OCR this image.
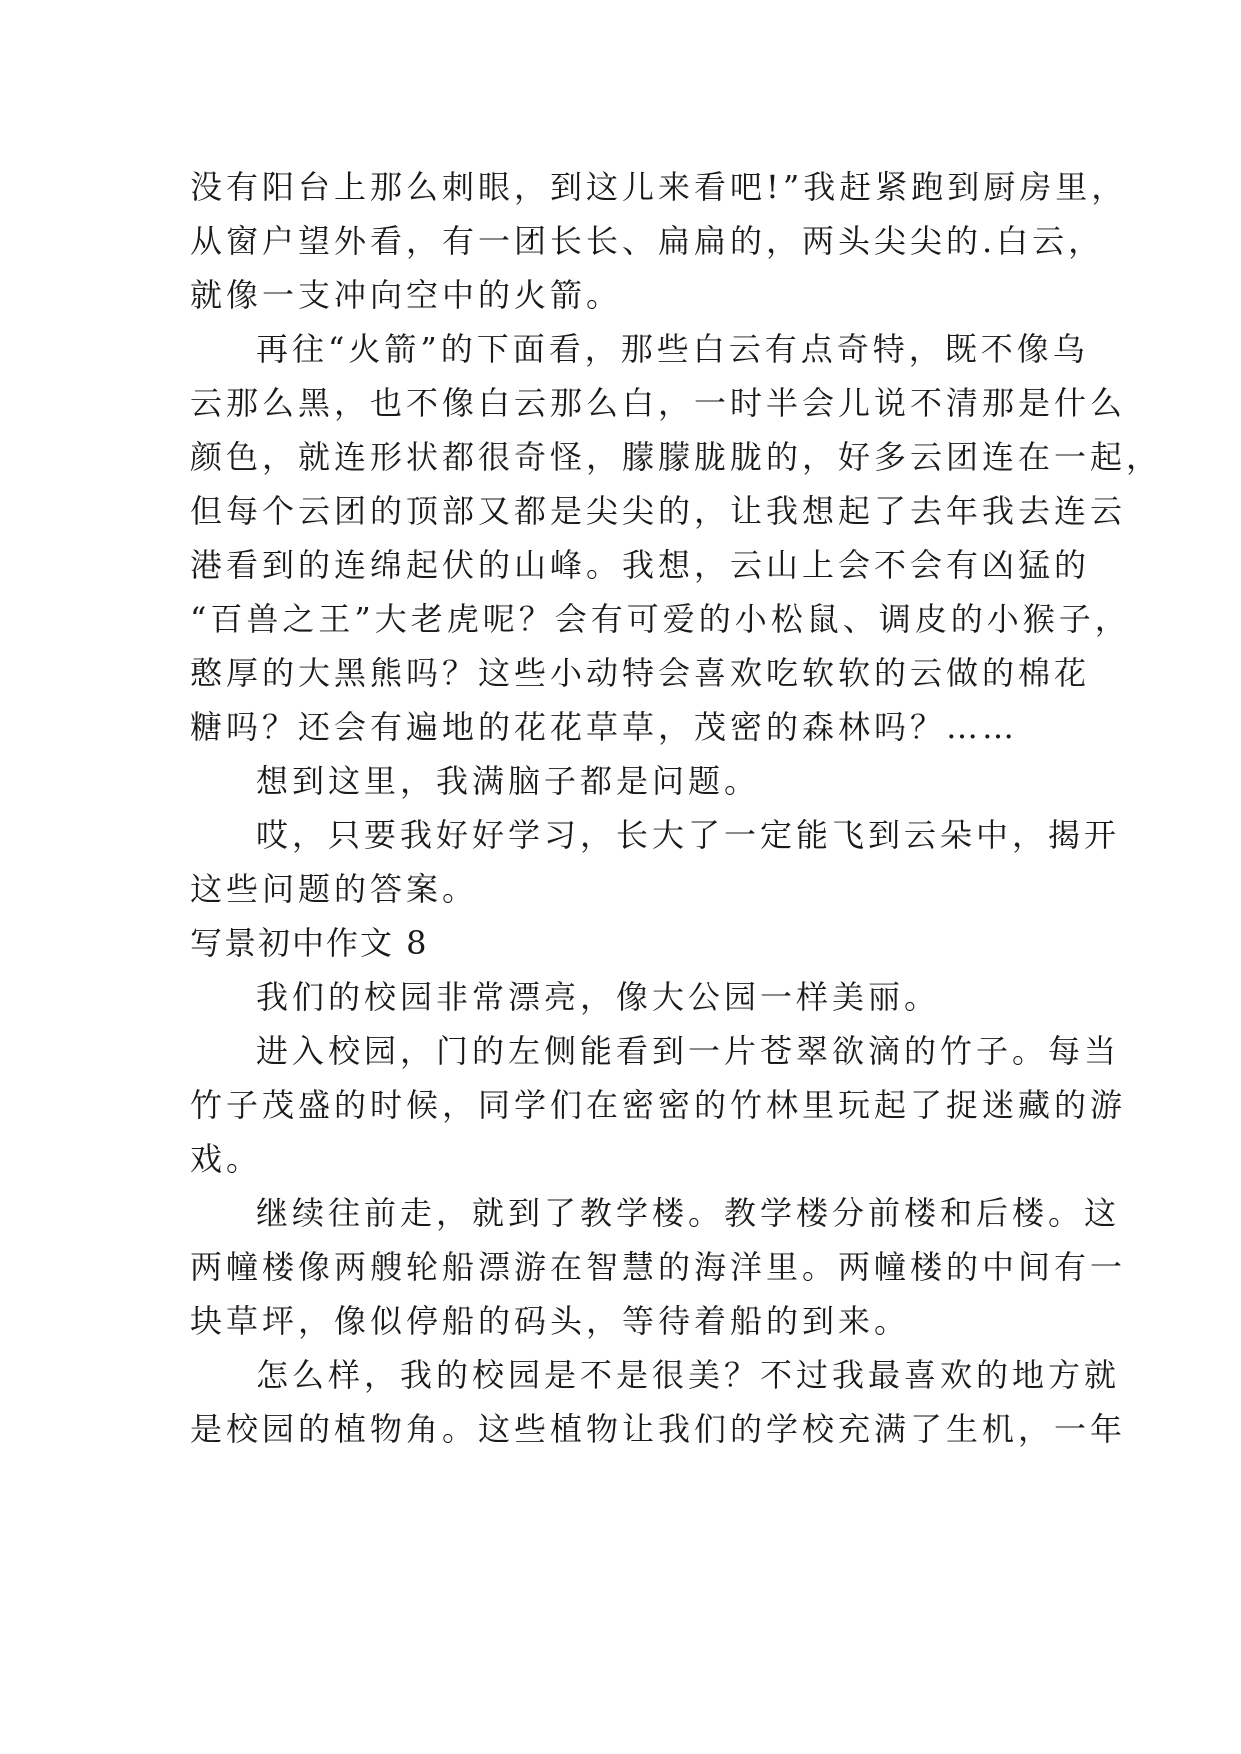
没有阳台上那么刺眼，到这儿来看吧!”我赶紧跑到厨房里，
从窗户望外看，有一团长长、扁扁的，两头尖尖的.白云，
就像一支冲向空中的火箭。
再往“火箭”的下面看，那些白云有点奇特，既不像乌
云那么黑，也不像白云那么白，一时半会儿说不清那是什么
颜色，就连形状都很奇怪，朦朦胧胧的，好多云团连在一起，
但每个云团的顶部又都是尖尖的，让我想起了去年我去连云
港看到的连绵起伏的山峰。我想，云山上会不会有凶猛的
“百兽之王”大老虎呢？会有可爱的小松鼠、调皮的小猴子，
憨厚的大黑熊吗？这些小动特会喜欢吃软软的云做的棉花
糖吗？还会有遍地的花花草草，茂密的森林吗？……
想到这里，我满脑子都是问题。
哎，只要我好好学习，长大了一定能飞到云朵中，揭开
这些问题的答案。
写景初中作文 8
我们的校园非常漂亮，像大公园一样美丽。
进入校园，门的左侧能看到一片苍翠欲滴的竹子。每当
竹子茂盛的时候，同学们在密密的竹林里玩起了捉迷藏的游
戏。
继续往前走，就到了教学楼。教学楼分前楼和后楼。这
两幢楼像两艘轮船漂游在智慧的海洋里。两幢楼的中间有一
块草坪，像似停船的码头，等待着船的到来。
怎么样，我的校园是不是很美？不过我最喜欢的地方就
是校园的植物角。这些植物让我们的学校充满了生机，一年
